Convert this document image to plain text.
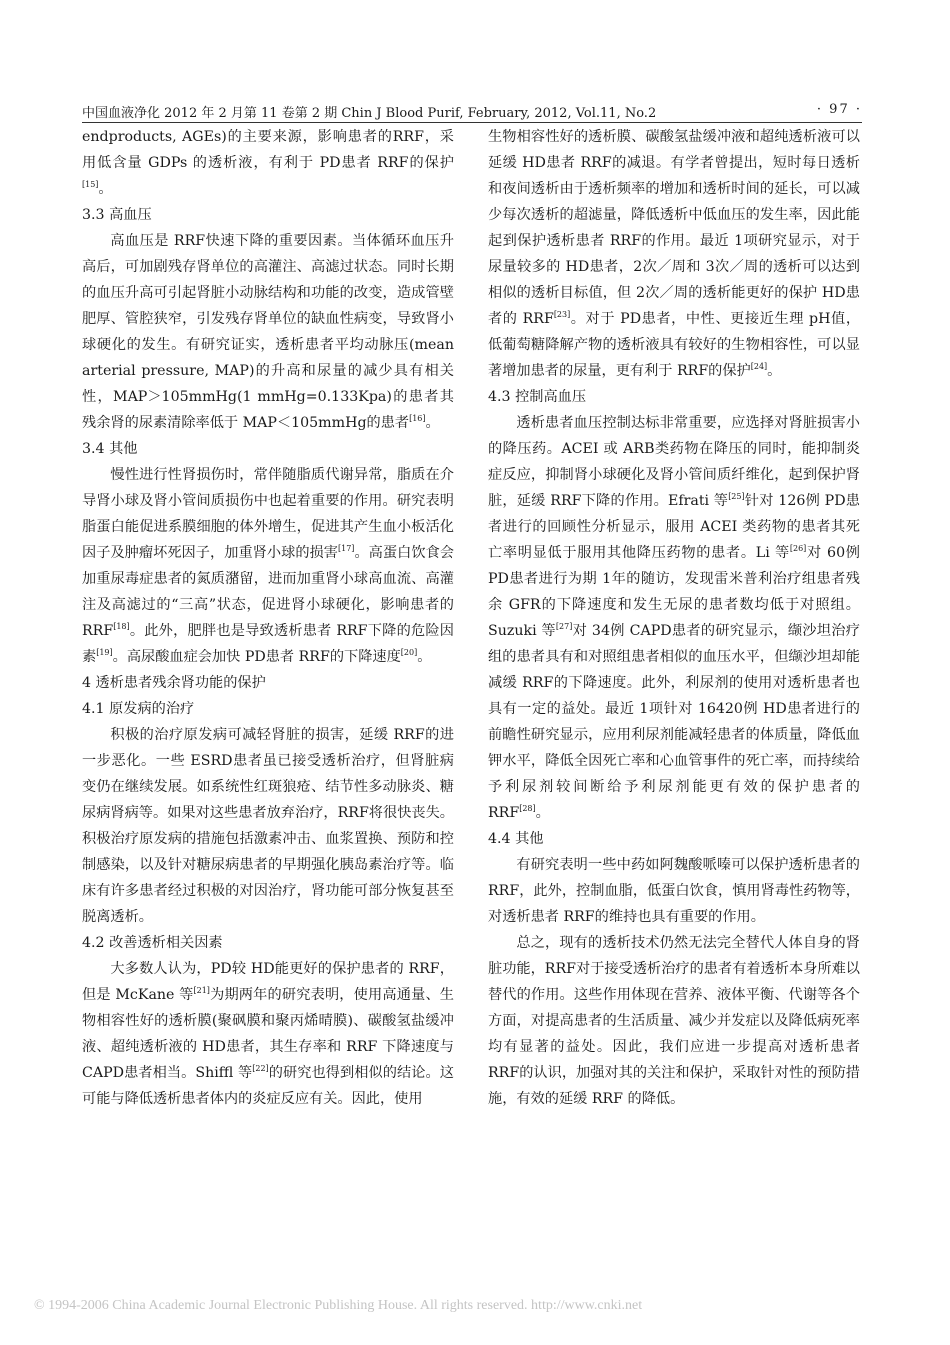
中国血液净化 2012 年 2 月第 11 卷第 2 期 Chin J Blood Purif, February, 2012, Vol.11, No.2	· 97 ·

endproducts, AGEs)的主要来源，影响患者的RRF，采用低含量 GDPs 的透析液，有利于 PD患者 RRF的保护[15]。

3.3 高血压

高血压是 RRF快速下降的重要因素。当体循环血压升高后，可加剧残存肾单位的高灌注、高滤过状态。同时长期的血压升高可引起肾脏小动脉结构和功能的改变，造成管壁肥厚、管腔狭窄，引发残存肾单位的缺血性病变，导致肾小球硬化的发生。有研究证实，透析患者平均动脉压(mean arterial pressure, MAP)的升高和尿量的减少具有相关性，MAP＞105mmHg(1 mmHg=0.133Kpa)的患者其残余肾的尿素清除率低于 MAP＜105mmHg的患者[16]。

3.4 其他

慢性进行性肾损伤时，常伴随脂质代谢异常，脂质在介导肾小球及肾小管间质损伤中也起着重要的作用。研究表明脂蛋白能促进系膜细胞的体外增生，促进其产生血小板活化因子及肿瘤坏死因子，加重肾小球的损害[17]。高蛋白饮食会加重尿毒症患者的氮质潴留，进而加重肾小球高血流、高灌注及高滤过的“三高”状态，促进肾小球硬化，影响患者的 RRF[18]。此外，肥胖也是导致透析患者 RRF下降的危险因素[19]。高尿酸血症会加快 PD患者 RRF的下降速度[20]。

4 透析患者残余肾功能的保护
4.1 原发病的治疗

积极的治疗原发病可减轻肾脏的损害，延缓 RRF的进一步恶化。一些 ESRD患者虽已接受透析治疗，但肾脏病变仍在继续发展。如系统性红斑狼疮、结节性多动脉炎、糖尿病肾病等。如果对这些患者放弃治疗，RRF将很快丧失。积极治疗原发病的措施包括激素冲击、血浆置换、预防和控制感染，以及针对糖尿病患者的早期强化胰岛素治疗等。临床有许多患者经过积极的对因治疗，肾功能可部分恢复甚至脱离透析。

4.2 改善透析相关因素

大多数人认为，PD较 HD能更好的保护患者的 RRF，但是 McKane 等[21]为期两年的研究表明，使用高通量、生物相容性好的透析膜(聚砜膜和聚丙烯晴膜)、碳酸氢盐缓冲液、超纯透析液的 HD患者，其生存率和 RRF 下降速度与 CAPD患者相当。Shiffl 等[22]的研究也得到相似的结论。这可能与降低透析患者体内的炎症反应有关。因此，使用

生物相容性好的透析膜、碳酸氢盐缓冲液和超纯透析液可以延缓 HD患者 RRF的减退。有学者曾提出，短时每日透析和夜间透析由于透析频率的增加和透析时间的延长，可以减少每次透析的超滤量，降低透析中低血压的发生率，因此能起到保护透析患者 RRF的作用。最近 1项研究显示，对于尿量较多的 HD患者，2次／周和 3次／周的透析可以达到相似的透析目标值，但 2次／周的透析能更好的保护 HD患者的 RRF[23]。对于 PD患者，中性、更接近生理 pH值，低葡萄糖降解产物的透析液具有较好的生物相容性，可以显著增加患者的尿量，更有利于 RRF的保护[24]。

4.3 控制高血压

透析患者血压控制达标非常重要，应选择对肾脏损害小的降压药。ACEI 或 ARB类药物在降压的同时，能抑制炎症反应，抑制肾小球硬化及肾小管间质纤维化，起到保护肾脏，延缓 RRF下降的作用。Efrati 等[25]针对 126例 PD患者进行的回顾性分析显示，服用 ACEI 类药物的患者其死亡率明显低于服用其他降压药物的患者。Li 等[26]对 60例 PD患者进行为期 1年的随访，发现雷米普利治疗组患者残余 GFR的下降速度和发生无尿的患者数均低于对照组。Suzuki 等[27]对 34例 CAPD患者的研究显示，缬沙坦治疗组的患者具有和对照组患者相似的血压水平，但缬沙坦却能减缓 RRF的下降速度。此外，利尿剂的使用对透析患者也具有一定的益处。最近 1项针对 16420例 HD患者进行的前瞻性研究显示，应用利尿剂能减轻患者的体质量，降低血钾水平，降低全因死亡率和心血管事件的死亡率，而持续给予利尿剂较间断给予利尿剂能更有效的保护患者的 RRF[28]。

4.4 其他

有研究表明一些中药如阿魏酸哌嗪可以保护透析患者的 RRF，此外，控制血脂，低蛋白饮食，慎用肾毒性药物等，对透析患者 RRF的维持也具有重要的作用。

总之，现有的透析技术仍然无法完全替代人体自身的肾脏功能，RRF对于接受透析治疗的患者有着透析本身所难以替代的作用。这些作用体现在营养、液体平衡、代谢等各个方面，对提高患者的生活质量、减少并发症以及降低病死率均有显著的益处。因此，我们应进一步提高对透析患者 RRF的认识，加强对其的关注和保护，采取针对性的预防措施，有效的延缓 RRF 的降低。

© 1994-2006 China Academic Journal Electronic Publishing House. All rights reserved. http://www.cnki.net
